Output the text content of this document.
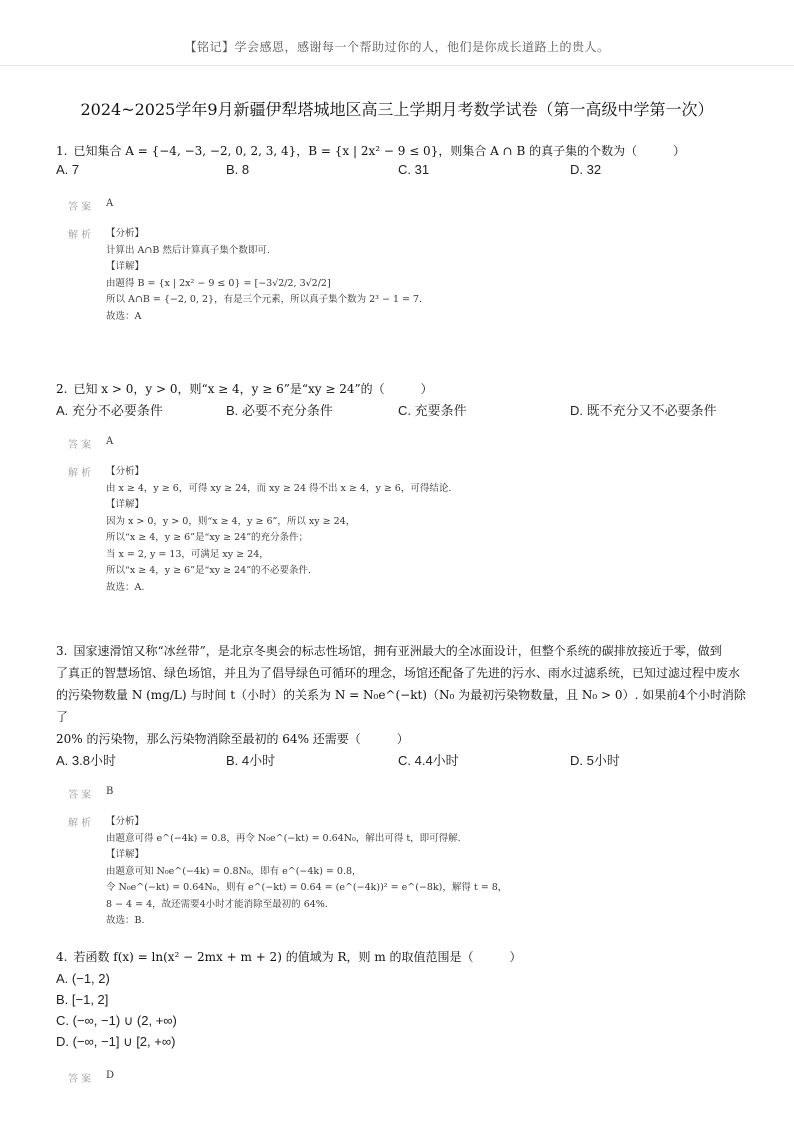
【铭记】学会感恩，感谢每一个帮助过你的人，他们是你成长道路上的贵人。
2024~2025学年9月新疆伊犁塔城地区高三上学期月考数学试卷（第一高级中学第一次）
1. 已知集合 A = {−4, −3, −2, 0, 2, 3, 4}，B = {x | 2x² − 9 ≤ 0}，则集合 A ∩ B 的真子集的个数为（　　　）
A. 7	B. 8	C. 31	D. 32
答 案 A
解 析 【分析】
计算出 A∩B 然后计算真子集个数即可.
【详解】
由题得 B = {x | 2x² − 9 ≤ 0} = [−3√2/2, 3√2/2]
所以 A∩B = {−2, 0, 2}，有是三个元素，所以真子集个数为 2³ − 1 = 7.
故选：A
2. 已知 x > 0，y > 0，则“x ≥ 4，y ≥ 6”是“xy ≥ 24”的（　　　）
A. 充分不必要条件	B. 必要不充分条件	C. 充要条件	D. 既不充分又不必要条件
答 案 A
解 析 【分析】
由 x ≥ 4，y ≥ 6，可得 xy ≥ 24，而 xy ≥ 24 得不出 x ≥ 4，y ≥ 6，可得结论.
【详解】
因为 x > 0，y > 0，则“x ≥ 4，y ≥ 6”，所以 xy ≥ 24，
所以“x ≥ 4，y ≥ 6”是“xy ≥ 24”的充分条件；
当 x = 2, y = 13，可满足 xy ≥ 24，
所以“x ≥ 4，y ≥ 6”是“xy ≥ 24”的不必要条件.
故选：A.
3. 国家速滑馆又称“冰丝带”，是北京冬奥会的标志性场馆，拥有亚洲最大的全冰面设计，但整个系统的碳排放接近于零，做到
了真正的智慧场馆、绿色场馆，并且为了倡导绿色可循环的理念，场馆还配备了先进的污水、雨水过滤系统，已知过滤过程中废水
的污染物数量 N (mg/L) 与时间 t（小时）的关系为 N = N₀e^(−kt)（N₀ 为最初污染物数量，且 N₀ > 0）. 如果前4个小时消除了
20% 的污染物，那么污染物消除至最初的 64% 还需要（　　　）
A. 3.8小时	B. 4小时	C. 4.4小时	D. 5小时
答 案 B
解 析 【分析】
由题意可得 e^(−4k) = 0.8，再令 N₀e^(−kt) = 0.64N₀，解出可得 t，即可得解.
【详解】
由题意可知 N₀e^(−4k) = 0.8N₀，即有 e^(−4k) = 0.8，
令 N₀e^(−kt) = 0.64N₀，则有 e^(−kt) = 0.64 = (e^(−4k))² = e^(−8k)，解得 t = 8，
8 − 4 = 4，故还需要4小时才能消除至最初的 64%.
故选：B.
4. 若函数 f(x) = ln(x² − 2mx + m + 2) 的值域为 R，则 m 的取值范围是（　　　）
A. (−1, 2)
B. [−1, 2]
C. (−∞, −1) ∪ (2, +∞)
D. (−∞, −1] ∪ [2, +∞)
答 案 D
